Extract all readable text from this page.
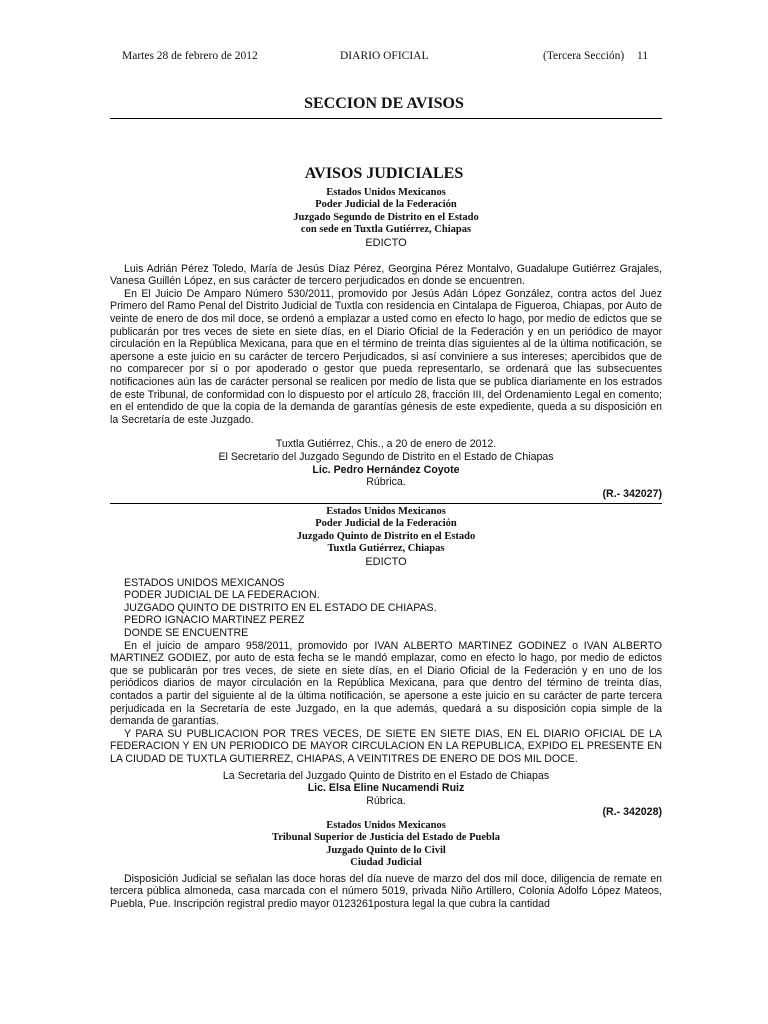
Martes 28 de febrero de 2012	DIARIO OFICIAL	(Tercera Sección) 11
SECCION DE AVISOS
AVISOS JUDICIALES
Estados Unidos Mexicanos
Poder Judicial de la Federación
Juzgado Segundo de Distrito en el Estado
con sede en Tuxtla Gutiérrez, Chiapas
EDICTO

Luis Adrián Pérez Toledo, María de Jesús Díaz Pérez, Georgina Pérez Montalvo, Guadalupe Gutiérrez Grajales, Vanesa Guillén López, en sus carácter de tercero perjudicados en donde se encuentren.

En El Juicio De Amparo Número 530/2011, promovido por Jesús Adán López González, contra actos del Juez Primero del Ramo Penal del Distrito Judicial de Tuxtla con residencia en Cintalapa de Figueroa, Chiapas, por Auto de veinte de enero de dos mil doce, se ordenó a emplazar a usted como en efecto lo hago, por medio de edictos que se publicarán por tres veces de siete en siete días, en el Diario Oficial de la Federación y en un periódico de mayor circulación en la República Mexicana, para que en el término de treinta días siguientes al de la última notificación, se apersone a este juicio en su carácter de tercero Perjudicados, si así conviniere a sus intereses; apercibidos que de no comparecer por si o por apoderado o gestor que pueda representarlo, se ordenará que las subsecuentes notificaciones aún las de carácter personal se realicen por medio de lista que se publica diariamente en los estrados de este Tribunal, de conformidad con lo dispuesto por el artículo 28, fracción III, del Ordenamiento Legal en comento; en el entendido de que la copia de la demanda de garantías génesis de este expediente, queda a su disposición en la Secretaría de este Juzgado.

Tuxtla Gutiérrez, Chis., a 20 de enero de 2012.
El Secretario del Juzgado Segundo de Distrito en el Estado de Chiapas
Lic. Pedro Hernández Coyote
Rúbrica.
(R.- 342027)
Estados Unidos Mexicanos
Poder Judicial de la Federación
Juzgado Quinto de Distrito en el Estado
Tuxtla Gutiérrez, Chiapas
EDICTO
ESTADOS UNIDOS MEXICANOS
PODER JUDICIAL DE LA FEDERACION.
JUZGADO QUINTO DE DISTRITO EN EL ESTADO DE CHIAPAS.
PEDRO IGNACIO MARTINEZ PEREZ
DONDE SE ENCUENTRE

En el juicio de amparo 958/2011, promovido por IVAN ALBERTO MARTINEZ GODINEZ o IVAN ALBERTO MARTINEZ GODIEZ, por auto de esta fecha se le mandó emplazar, como en efecto lo hago, por medio de edictos que se publicarán por tres veces, de siete en siete días, en el Diario Oficial de la Federación y en uno de los periódicos diarios de mayor circulación en la República Mexicana, para que dentro del término de treinta días, contados a partir del siguiente al de la última notificación, se apersone a este juicio en su carácter de parte tercera perjudicada en la Secretaría de este Juzgado, en la que además, quedará a su disposición copia simple de la demanda de garantías.

Y PARA SU PUBLICACION POR TRES VECES, DE SIETE EN SIETE DIAS, EN EL DIARIO OFICIAL DE LA FEDERACION Y EN UN PERIODICO DE MAYOR CIRCULACION EN LA REPUBLICA, EXPIDO EL PRESENTE EN LA CIUDAD DE TUXTLA GUTIERREZ, CHIAPAS, A VEINTITRES DE ENERO DE DOS MIL DOCE.

La Secretaria del Juzgado Quinto de Distrito en el Estado de Chiapas
Lic. Elsa Eline Nucamendi Ruiz
Rúbrica.
(R.- 342028)
Estados Unidos Mexicanos
Tribunal Superior de Justicia del Estado de Puebla
Juzgado Quinto de lo Civil
Ciudad Judicial

Disposición Judicial se señalan las doce horas del día nueve de marzo del dos mil doce, diligencia de remate en tercera pública almoneda, casa marcada con el número 5019, privada Niño Artillero, Colonia Adolfo López Mateos, Puebla, Pue. Inscripción registral predio mayor 0123261postura legal la que cubra la cantidad
